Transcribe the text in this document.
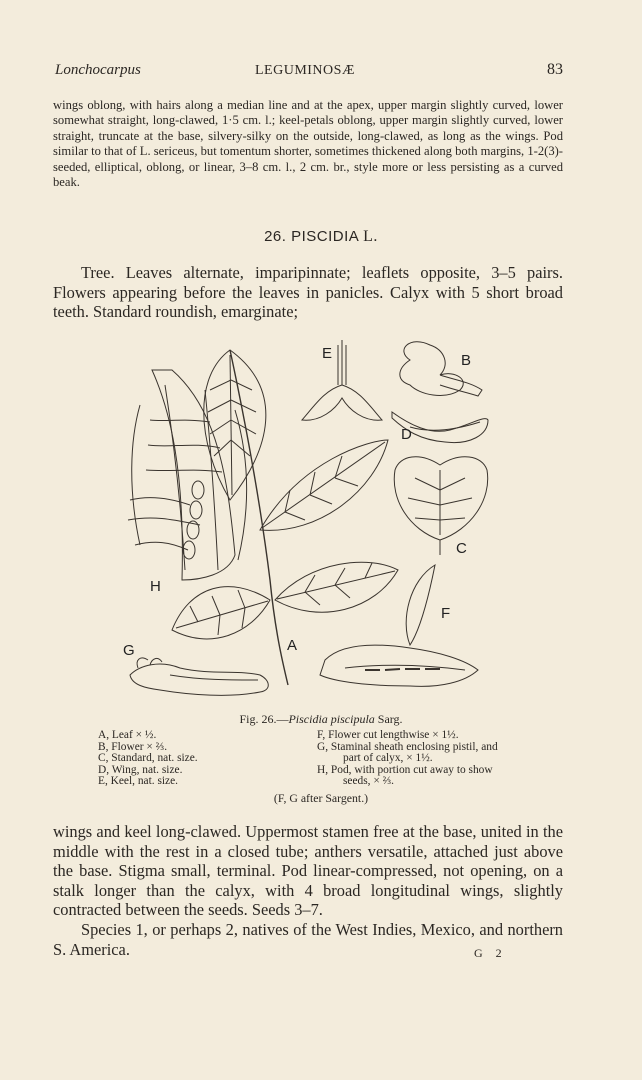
Lonchocarpus	LEGUMINOSÆ	83

wings oblong, with hairs along a median line and at the apex, upper margin slightly curved, lower somewhat straight, long-clawed, 1·5 cm. l.; keel-petals oblong, upper margin slightly curved, lower straight, truncate at the base, silvery-silky on the outside, long-clawed, as long as the wings. Pod similar to that of L. sericeus, but tomentum shorter, sometimes thickened along both margins, 1-2(3)-seeded, elliptical, oblong, or linear, 3–8 cm. l., 2 cm. br., style more or less persisting as a curved beak.

26. PISCIDIA L.

Tree. Leaves alternate, imparipinnate; leaflets opposite, 3–5 pairs. Flowers appearing before the leaves in panicles. Calyx with 5 short broad teeth. Standard roundish, emarginate;

E	B
D
C
H
F
A
G
Fig. 26.—Piscidia piscipula Sarg.
A, Leaf × ½.
B, Flower × ⅔.
C, Standard, nat. size.
D, Wing, nat. size.
E, Keel, nat. size.
F, Flower cut lengthwise × 1½.
G, Staminal sheath enclosing pistil, and
part of calyx, × 1½.
H, Pod, with portion cut away to show
seeds, × ⅔.
(F, G after Sargent.)

wings and keel long-clawed. Uppermost stamen free at the base, united in the middle with the rest in a closed tube; anthers versatile, attached just above the base. Stigma small, terminal. Pod linear-compressed, not opening, on a stalk longer than the calyx, with 4 broad longitudinal wings, slightly contracted between the seeds. Seeds 3–7.

Species 1, or perhaps 2, natives of the West Indies, Mexico, and northern S. America.	G 2
